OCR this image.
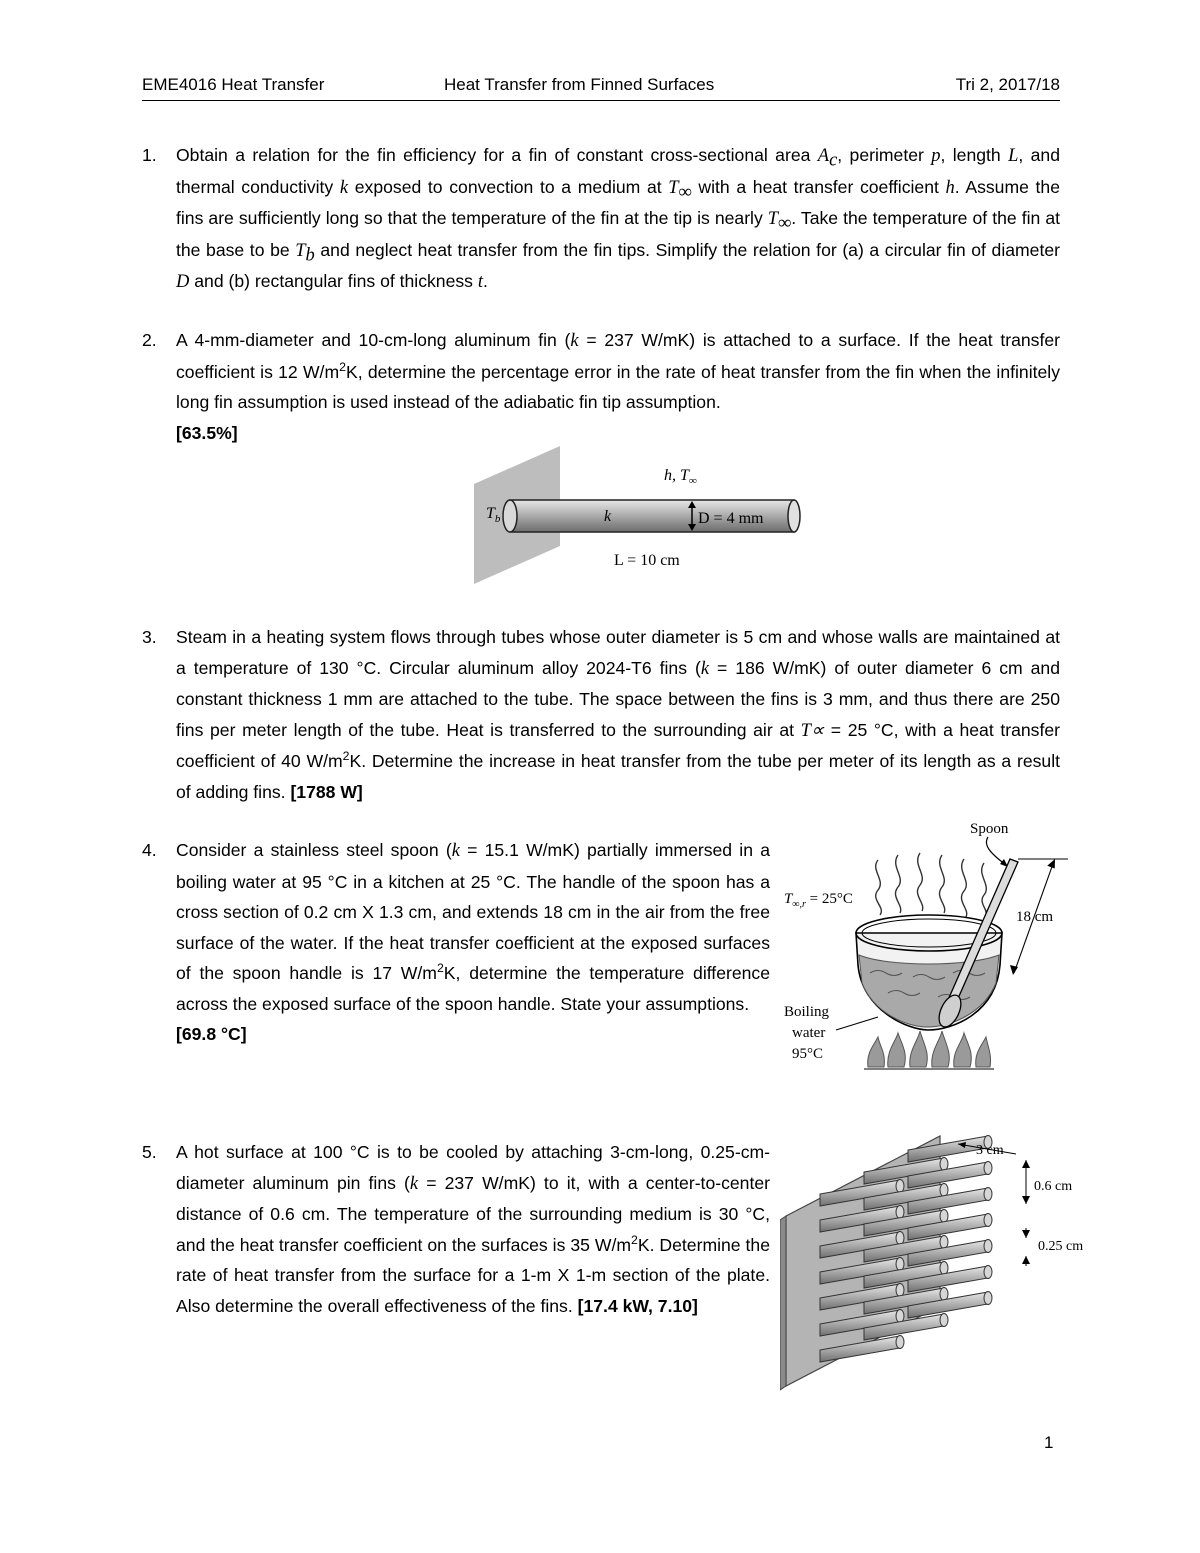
EME4016 Heat Transfer	Heat Transfer from Finned Surfaces	Tri 2, 2017/18
1.	Obtain a relation for the fin efficiency for a fin of constant cross-sectional area $A_c$, perimeter p, length L, and thermal conductivity k exposed to convection to a medium at $T_\infty$ with a heat transfer coefficient h. Assume the fins are sufficiently long so that the temperature of the fin at the tip is nearly $T_\infty$. Take the temperature of the fin at the base to be $T_b$ and neglect heat transfer from the fin tips. Simplify the relation for (a) a circular fin of diameter D and (b) rectangular fins of thickness t.

2.	A 4-mm-diameter and 10-cm-long aluminum fin (k = 237 W/mK) is attached to a surface. If the heat transfer coefficient is 12 $W/m^2K$, determine the percentage error in the rate of heat transfer from the fin when the infinitely long fin assumption is used instead of the adiabatic fin tip assumption.

[63.5%]

h, $T_\infty$
$T_b$	k	D = 4 mm
L = 10 cm
3.	Steam in a heating system flows through tubes whose outer diameter is 5 cm and whose walls are maintained at a temperature of 130 °C. Circular aluminum alloy 2024-T6 fins (k = 186 W/mK) of outer diameter 6 cm and constant thickness 1 mm are attached to the tube. The space between the fins is 3 mm, and thus there are 250 fins per meter length of the tube. Heat is transferred to the surrounding air at T∝ = 25 °C, with a heat transfer coefficient of 40 $W/m^2K$. Determine the increase in heat transfer from the tube per meter of its length as a result of adding fins. [1788 W]

4.	Consider a stainless steel spoon (k = 15.1 W/mK) partially immersed in a boiling water at 95 °C in a kitchen at 25 °C. The handle of the spoon has a cross section of 0.2 cm X 1.3 cm, and extends 18 cm in the air from the free surface of the water. If the heat transfer coefficient at the exposed surfaces of the spoon handle is 17 $W/m^2K$, determine the temperature difference across the exposed surface of the spoon handle. State your assumptions.

[69.8 °C]

Spoon
18 cm
$T_{\infty,r} = 25^\circ C$
Boiling
water
95°C
5.	A hot surface at 100 °C is to be cooled by attaching 3-cm-long, 0.25-cm-diameter aluminum pin fins (k = 237 W/mK) to it, with a center-to-center distance of 0.6 cm. The temperature of the surrounding medium is 30 °C, and the heat transfer coefficient on the surfaces is 35 $W/m^2K$. Determine the rate of heat transfer from the surface for a 1-m X 1-m section of the plate. Also determine the overall effectiveness of the fins. [17.4 kW, 7.10]

3 cm
0.6 cm
0.25 cm
1
